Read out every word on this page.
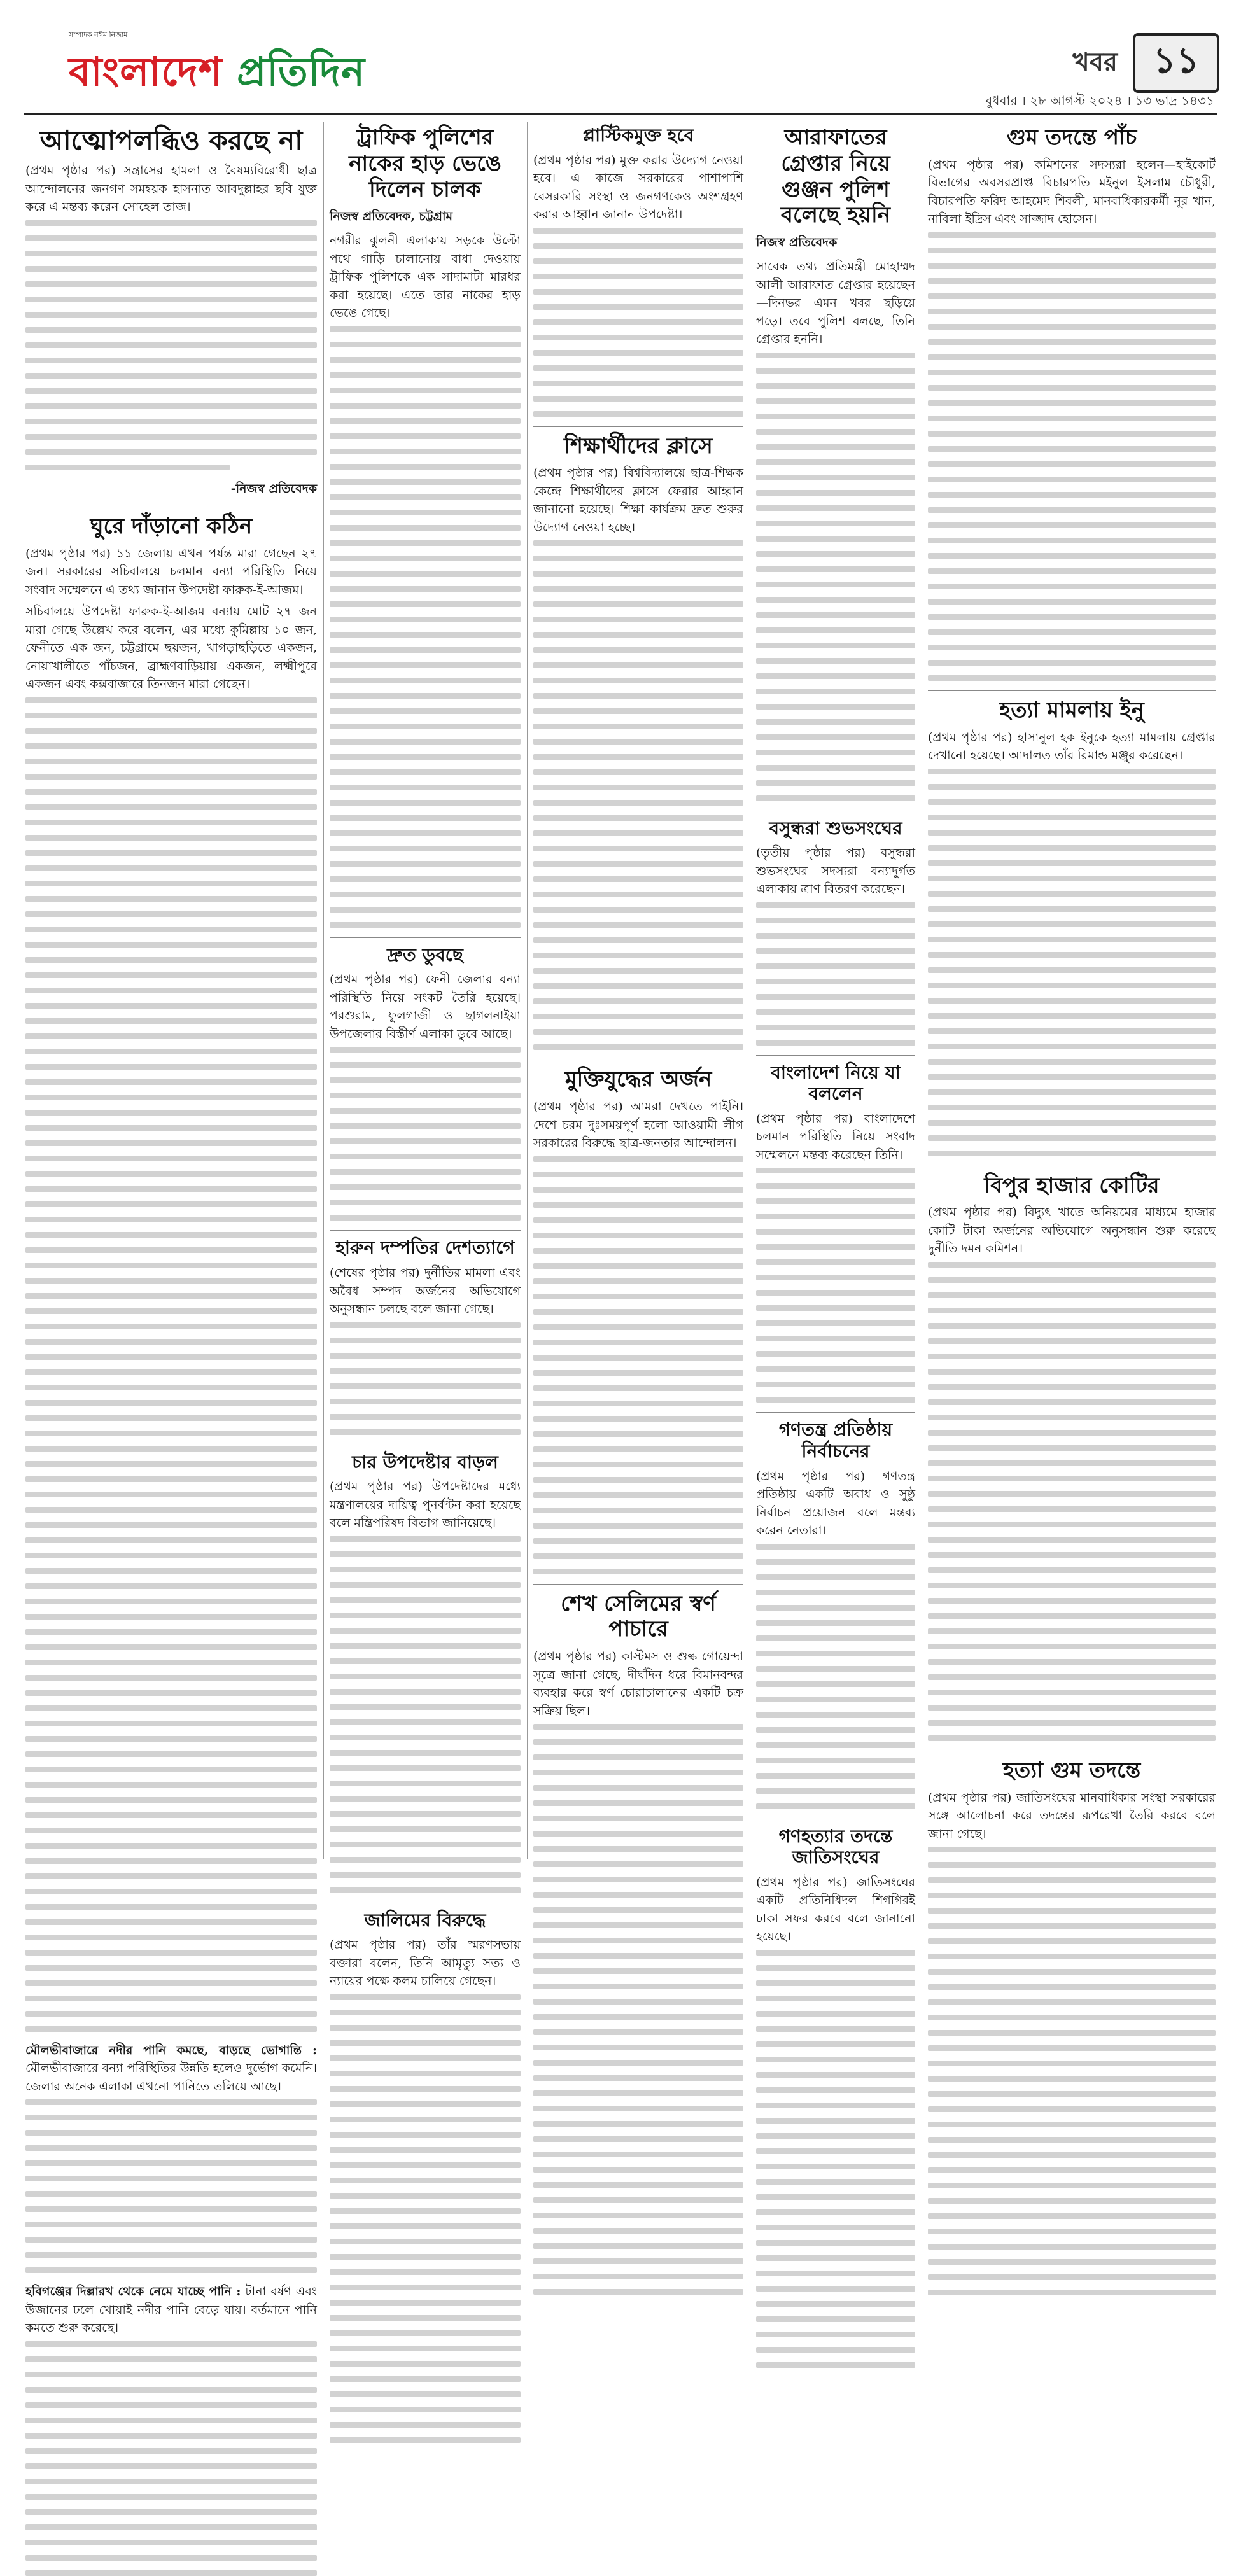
সম্পাদক নঈম নিজাম
বাংলাদেশ প্রতিদিন	খবর ১১
বুধবার । ২৮ আগস্ট ২০২৪ । ১৩ ভাদ্র ১৪৩১
আত্মোপলব্ধিও করছে না

(প্রথম পৃষ্ঠার পর) সন্ত্রাসের হামলা ও বৈষম্যবিরোধী ছাত্র আন্দোলনের জনগণ সমন্বয়ক হাসনাত আবদুল্লাহর ছবি যুক্ত করে এ মন্তব্য করেন সোহেল তাজ।

-নিজস্ব প্রতিবেদক
ঘুরে দাঁড়ানো কঠিন

(প্রথম পৃষ্ঠার পর) ১১ জেলায় এখন পর্যন্ত মারা গেছেন ২৭ জন। সরকারের সচিবালয়ে চলমান বন্যা পরিস্থিতি নিয়ে সংবাদ সম্মেলনে এ তথ্য জানান উপদেষ্টা ফারুক-ই-আজম।

সচিবালয়ে উপদেষ্টা ফারুক-ই-আজম বন্যায় মোট ২৭ জন মারা গেছে উল্লেখ করে বলেন, এর মধ্যে কুমিল্লায় ১০ জন, ফেনীতে এক জন, চট্টগ্রামে ছয়জন, খাগড়াছড়িতে একজন, নোয়াখালীতে পাঁচজন, ব্রাহ্মণবাড়িয়ায় একজন, লক্ষ্মীপুরে একজন এবং কক্সবাজারে তিনজন মারা গেছেন।

মৌলভীবাজারে নদীর পানি কমছে, বাড়ছে ভোগান্তি : মৌলভীবাজারে বন্যা পরিস্থিতির উন্নতি হলেও দুর্ভোগ কমেনি। জেলার অনেক এলাকা এখনো পানিতে তলিয়ে আছে।

হবিগঞ্জের দিল্লারখ থেকে নেমে যাচ্ছে পানি : টানা বর্ষণ এবং উজানের ঢলে খোয়াই নদীর পানি বেড়ে যায়। বর্তমানে পানি কমতে শুরু করেছে।

ট্রাফিক পুলিশের নাকের হাড় ভেঙে দিলেন চালক
নিজস্ব প্রতিবেদক, চট্টগ্রাম

নগরীর ঝুলনী এলাকায় সড়কে উল্টো পথে গাড়ি চালানোয় বাধা দেওয়ায় ট্রাফিক পুলিশকে এক সাদামাটা মারধর করা হয়েছে। এতে তার নাকের হাড় ভেঙে গেছে।

দ্রুত ডুবছে

(প্রথম পৃষ্ঠার পর) ফেনী জেলার বন্যা পরিস্থিতি নিয়ে সংকট তৈরি হয়েছে। পরশুরাম, ফুলগাজী ও ছাগলনাইয়া উপজেলার বিস্তীর্ণ এলাকা ডুবে আছে।

হারুন দম্পতির দেশত্যাগে

(শেষের পৃষ্ঠার পর) দুর্নীতির মামলা এবং অবৈধ সম্পদ অর্জনের অভিযোগে অনুসন্ধান চলছে বলে জানা গেছে।

চার উপদেষ্টার বাড়ল

(প্রথম পৃষ্ঠার পর) উপদেষ্টাদের মধ্যে মন্ত্রণালয়ের দায়িত্ব পুনর্বণ্টন করা হয়েছে বলে মন্ত্রিপরিষদ বিভাগ জানিয়েছে।

জালিমের বিরুদ্ধে

(প্রথম পৃষ্ঠার পর) তাঁর স্মরণসভায় বক্তারা বলেন, তিনি আমৃত্যু সত্য ও ন্যায়ের পক্ষে কলম চালিয়ে গেছেন।

প্লাস্টিকমুক্ত হবে

(প্রথম পৃষ্ঠার পর) মুক্ত করার উদ্যোগ নেওয়া হবে। এ কাজে সরকারের পাশাপাশি বেসরকারি সংস্থা ও জনগণকেও অংশগ্রহণ করার আহ্বান জানান উপদেষ্টা।

শিক্ষার্থীদের ক্লাসে

(প্রথম পৃষ্ঠার পর) বিশ্ববিদ্যালয়ে ছাত্র-শিক্ষক কেন্দ্রে শিক্ষার্থীদের ক্লাসে ফেরার আহ্বান জানানো হয়েছে। শিক্ষা কার্যক্রম দ্রুত শুরুর উদ্যোগ নেওয়া হচ্ছে।

মুক্তিযুদ্ধের অর্জন

(প্রথম পৃষ্ঠার পর) আমরা দেখতে পাইনি। দেশে চরম দুঃসময়পূর্ণ হলো আওয়ামী লীগ সরকারের বিরুদ্ধে ছাত্র-জনতার আন্দোলন।

শেখ সেলিমের স্বর্ণ পাচারে

(প্রথম পৃষ্ঠার পর) কাস্টমস ও শুল্ক গোয়েন্দা সূত্রে জানা গেছে, দীর্ঘদিন ধরে বিমানবন্দর ব্যবহার করে স্বর্ণ চোরাচালানের একটি চক্র সক্রিয় ছিল।

আরাফাতের গ্রেপ্তার নিয়ে গুঞ্জন পুলিশ বলেছে হয়নি
নিজস্ব প্রতিবেদক

সাবেক তথ্য প্রতিমন্ত্রী মোহাম্মদ আলী আরাফাত গ্রেপ্তার হয়েছেন—দিনভর এমন খবর ছড়িয়ে পড়ে। তবে পুলিশ বলছে, তিনি গ্রেপ্তার হননি।

বসুন্ধরা শুভসংঘের

(তৃতীয় পৃষ্ঠার পর) বসুন্ধরা শুভসংঘের সদস্যরা বন্যাদুর্গত এলাকায় ত্রাণ বিতরণ করেছেন।

বাংলাদেশ নিয়ে যা বললেন

(প্রথম পৃষ্ঠার পর) বাংলাদেশে চলমান পরিস্থিতি নিয়ে সংবাদ সম্মেলনে মন্তব্য করেছেন তিনি।

গণতন্ত্র প্রতিষ্ঠায় নির্বাচনের

(প্রথম পৃষ্ঠার পর) গণতন্ত্র প্রতিষ্ঠায় একটি অবাধ ও সুষ্ঠু নির্বাচন প্রয়োজন বলে মন্তব্য করেন নেতারা।

গণহত্যার তদন্তে জাতিসংঘের

(প্রথম পৃষ্ঠার পর) জাতিসংঘের একটি প্রতিনিধিদল শিগগিরই ঢাকা সফর করবে বলে জানানো হয়েছে।

গুম তদন্তে পাঁচ

(প্রথম পৃষ্ঠার পর) কমিশনের সদস্যরা হলেন—হাইকোর্ট বিভাগের অবসরপ্রাপ্ত বিচারপতি মইনুল ইসলাম চৌধুরী, বিচারপতি ফরিদ আহমেদ শিবলী, মানবাধিকারকর্মী নূর খান, নাবিলা ইদ্রিস এবং সাজ্জাদ হোসেন।

হত্যা মামলায় ইনু

(প্রথম পৃষ্ঠার পর) হাসানুল হক ইনুকে হত্যা মামলায় গ্রেপ্তার দেখানো হয়েছে। আদালত তাঁর রিমান্ড মঞ্জুর করেছেন।

বিপুর হাজার কোটির

(প্রথম পৃষ্ঠার পর) বিদ্যুৎ খাতে অনিয়মের মাধ্যমে হাজার কোটি টাকা অর্জনের অভিযোগে অনুসন্ধান শুরু করেছে দুর্নীতি দমন কমিশন।

হত্যা গুম তদন্তে

(প্রথম পৃষ্ঠার পর) জাতিসংঘের মানবাধিকার সংস্থা সরকারের সঙ্গে আলোচনা করে তদন্তের রূপরেখা তৈরি করবে বলে জানা গেছে।
